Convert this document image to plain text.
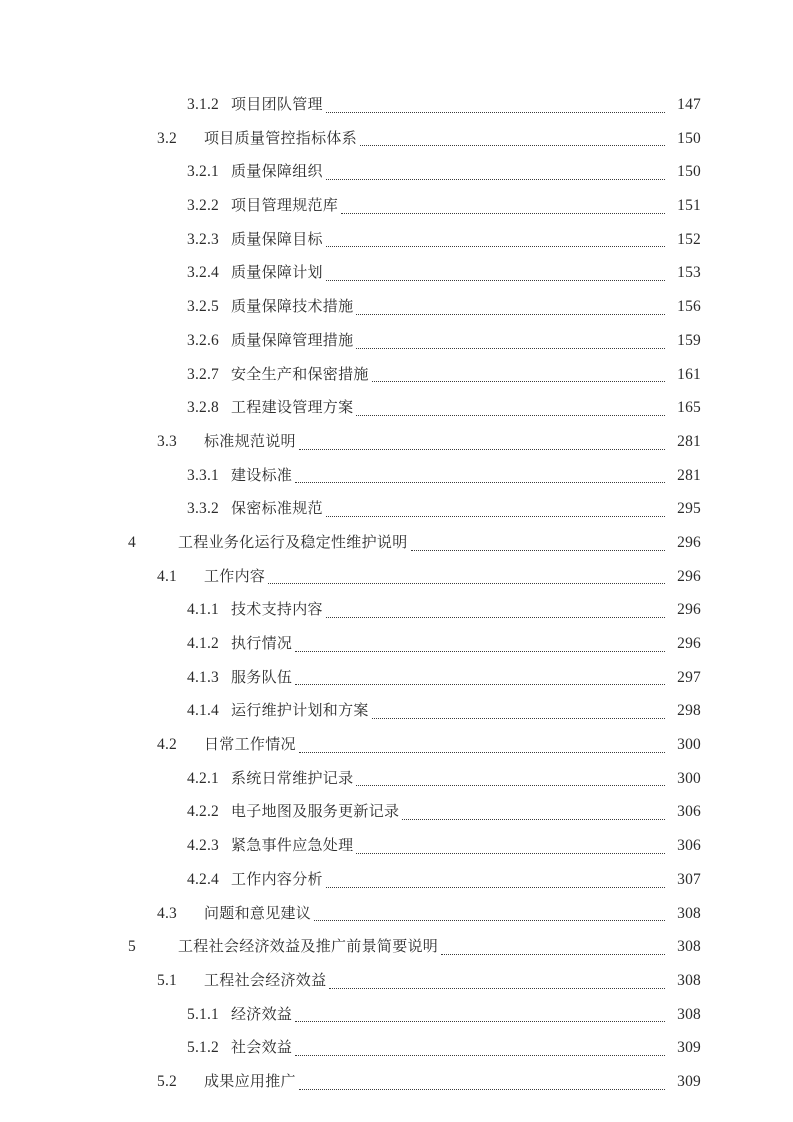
3.1.2 项目团队管理	147
3.2	项目质量管控指标体系	150
3.2.1 质量保障组织	150
3.2.2 项目管理规范库	151
3.2.3 质量保障目标	152
3.2.4 质量保障计划	153
3.2.5 质量保障技术措施	156
3.2.6 质量保障管理措施	159
3.2.7 安全生产和保密措施	161
3.2.8 工程建设管理方案	165
3.3	标准规范说明	281
3.3.1 建设标准	281
3.3.2 保密标准规范	295
4	工程业务化运行及稳定性维护说明	296
4.1	工作内容	296
4.1.1 技术支持内容	296
4.1.2 执行情况	296
4.1.3 服务队伍	297
4.1.4 运行维护计划和方案	298
4.2	日常工作情况	300
4.2.1 系统日常维护记录	300
4.2.2 电子地图及服务更新记录	306
4.2.3 紧急事件应急处理	306
4.2.4 工作内容分析	307
4.3	问题和意见建议	308
5	工程社会经济效益及推广前景简要说明	308
5.1	工程社会经济效益	308
5.1.1 经济效益	308
5.1.2 社会效益	309
5.2	成果应用推广	309
